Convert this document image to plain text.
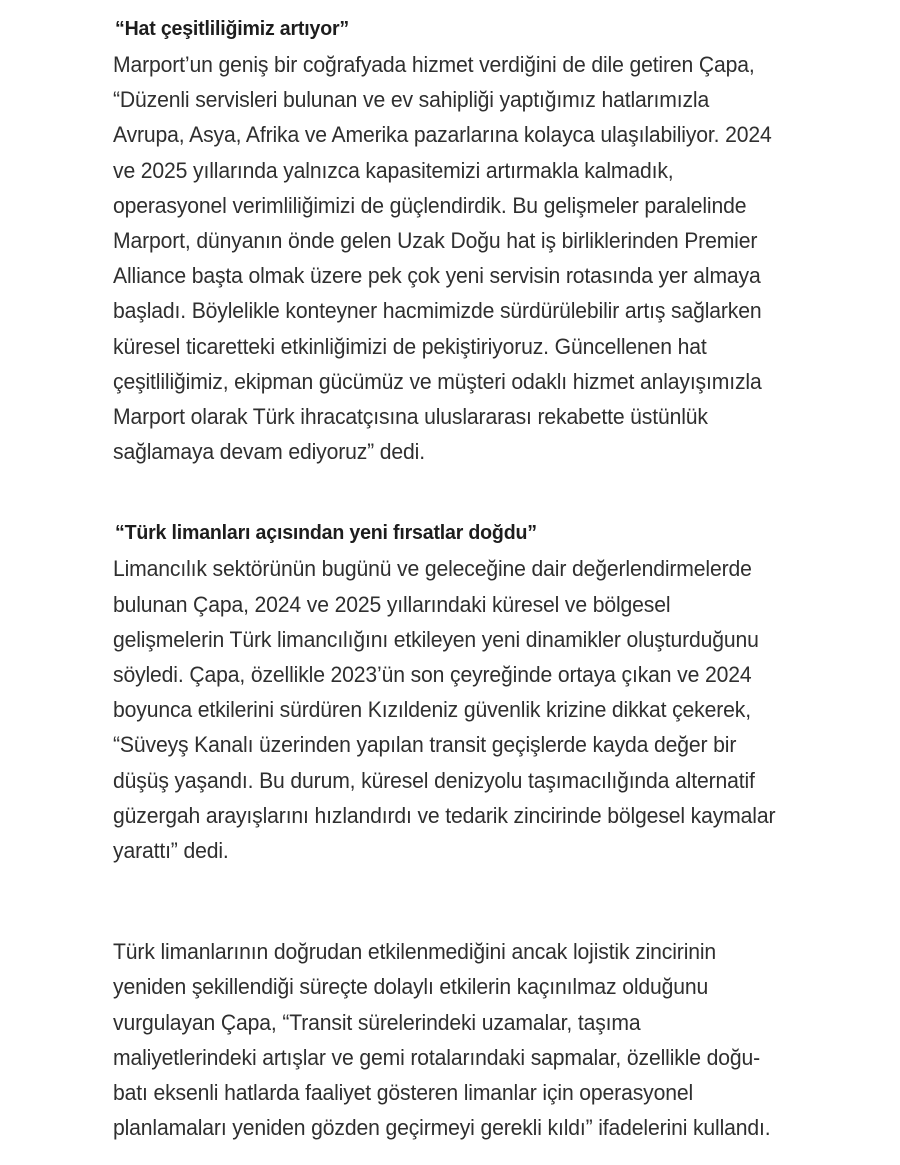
“Hat çeşitliliğimiz artıyor”

Marport’un geniş bir coğrafyada hizmet verdiğini de dile getiren Çapa, “Düzenli servisleri bulunan ve ev sahipliği yaptığımız hatlarımızla Avrupa, Asya, Afrika ve Amerika pazarlarına kolayca ulaşılabiliyor. 2024 ve 2025 yıllarında yalnızca kapasitemizi artırmakla kalmadık, operasyonel verimliliğimizi de güçlendirdik. Bu gelişmeler paralelinde Marport, dünyanın önde gelen Uzak Doğu hat iş birliklerinden Premier Alliance başta olmak üzere pek çok yeni servisin rotasında yer almaya başladı. Böylelikle konteyner hacmimizde sürdürülebilir artış sağlarken küresel ticaretteki etkinliğimizi de pekiştiriyoruz. Güncellenen hat çeşitliliğimiz, ekipman gücümüz ve müşteri odaklı hizmet anlayışımızla Marport olarak Türk ihracatçısına uluslararası rekabette üstünlük sağlamaya devam ediyoruz” dedi.

“Türk limanları açısından yeni fırsatlar doğdu”

Limancılık sektörünün bugünü ve geleceğine dair değerlendirmelerde bulunan Çapa, 2024 ve 2025 yıllarındaki küresel ve bölgesel gelişmelerin Türk limancılığını etkileyen yeni dinamikler oluşturduğunu söyledi. Çapa, özellikle 2023’ün son çeyreğinde ortaya çıkan ve 2024 boyunca etkilerini sürdüren Kızıldeniz güvenlik krizine dikkat çekerek, “Süveyş Kanalı üzerinden yapılan transit geçişlerde kayda değer bir düşüş yaşandı. Bu durum, küresel denizyolu taşımacılığında alternatif güzergah arayışlarını hızlandırdı ve tedarik zincirinde bölgesel kaymalar yarattı” dedi.

Türk limanlarının doğrudan etkilenmediğini ancak lojistik zincirinin yeniden şekillendiği süreçte dolaylı etkilerin kaçınılmaz olduğunu vurgulayan Çapa, “Transit sürelerindeki uzamalar, taşıma maliyetlerindeki artışlar ve gemi rotalarındaki sapmalar, özellikle doğu-batı eksenli hatlarda faaliyet gösteren limanlar için operasyonel planlamaları yeniden gözden geçirmeyi gerekli kıldı” ifadelerini kullandı.
